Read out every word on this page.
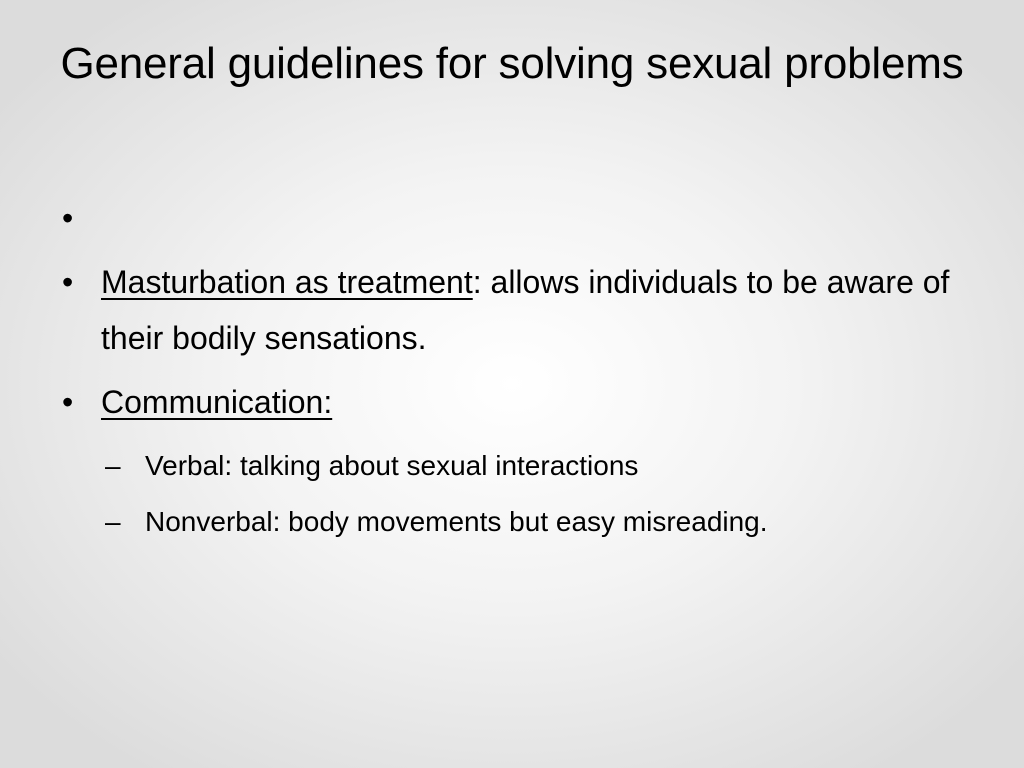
General guidelines for solving sexual problems
•
• Masturbation as treatment: allows individuals to be aware of their bodily sensations.
• Communication:
– Verbal: talking about sexual interactions
– Nonverbal: body movements but easy misreading.
